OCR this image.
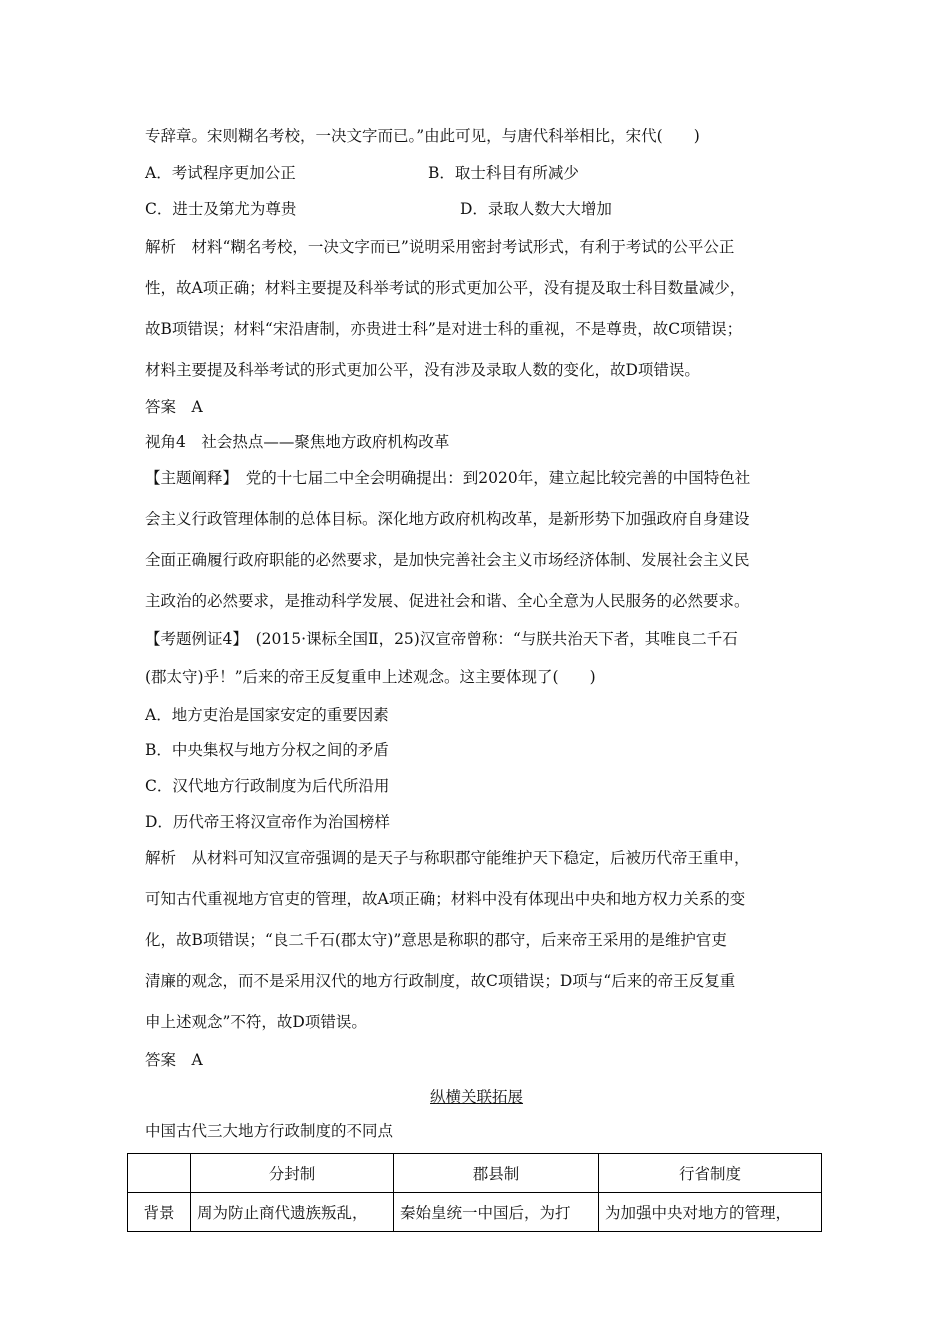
专辞章。宋则糊名考校，一决文字而已。”由此可见，与唐代科举相比，宋代(　　)
A．考试程序更加公正	B．取士科目有所减少
C．进士及第尤为尊贵	D．录取人数大大增加
解析　材料“糊名考校，一决文字而已”说明采用密封考试形式，有利于考试的公平公正
性，故A项正确；材料主要提及科举考试的形式更加公平，没有提及取士科目数量减少，
故B项错误；材料“宋沿唐制，亦贵进士科”是对进士科的重视，不是尊贵，故C项错误；
材料主要提及科举考试的形式更加公平，没有涉及录取人数的变化，故D项错误。
答案　A
视角4　社会热点——聚焦地方政府机构改革
【主题阐释】　党的十七届二中全会明确提出：到2020年，建立起比较完善的中国特色社
会主义行政管理体制的总体目标。深化地方政府机构改革，是新形势下加强政府自身建设
全面正确履行政府职能的必然要求，是加快完善社会主义市场经济体制、发展社会主义民
主政治的必然要求，是推动科学发展、促进社会和谐、全心全意为人民服务的必然要求。
【考题例证4】　(2015·课标全国Ⅱ，25)汉宣帝曾称：“与朕共治天下者，其唯良二千石
(郡太守)乎！”后来的帝王反复重申上述观念。这主要体现了(　　)
A．地方吏治是国家安定的重要因素
B．中央集权与地方分权之间的矛盾
C．汉代地方行政制度为后代所沿用
D．历代帝王将汉宣帝作为治国榜样
解析　从材料可知汉宣帝强调的是天子与称职郡守能维护天下稳定，后被历代帝王重申，
可知古代重视地方官吏的管理，故A项正确；材料中没有体现出中央和地方权力关系的变
化，故B项错误；“良二千石(郡太守)”意思是称职的郡守，后来帝王采用的是维护官吏
清廉的观念，而不是采用汉代的地方行政制度，故C项错误；D项与“后来的帝王反复重
申上述观念”不符，故D项错误。
答案　A
纵横关联拓展
中国古代三大地方行政制度的不同点
	分封制	郡县制	行省制度
背景	周为防止商代遗族叛乱，	秦始皇统一中国后，为打	为加强中央对地方的管理，
